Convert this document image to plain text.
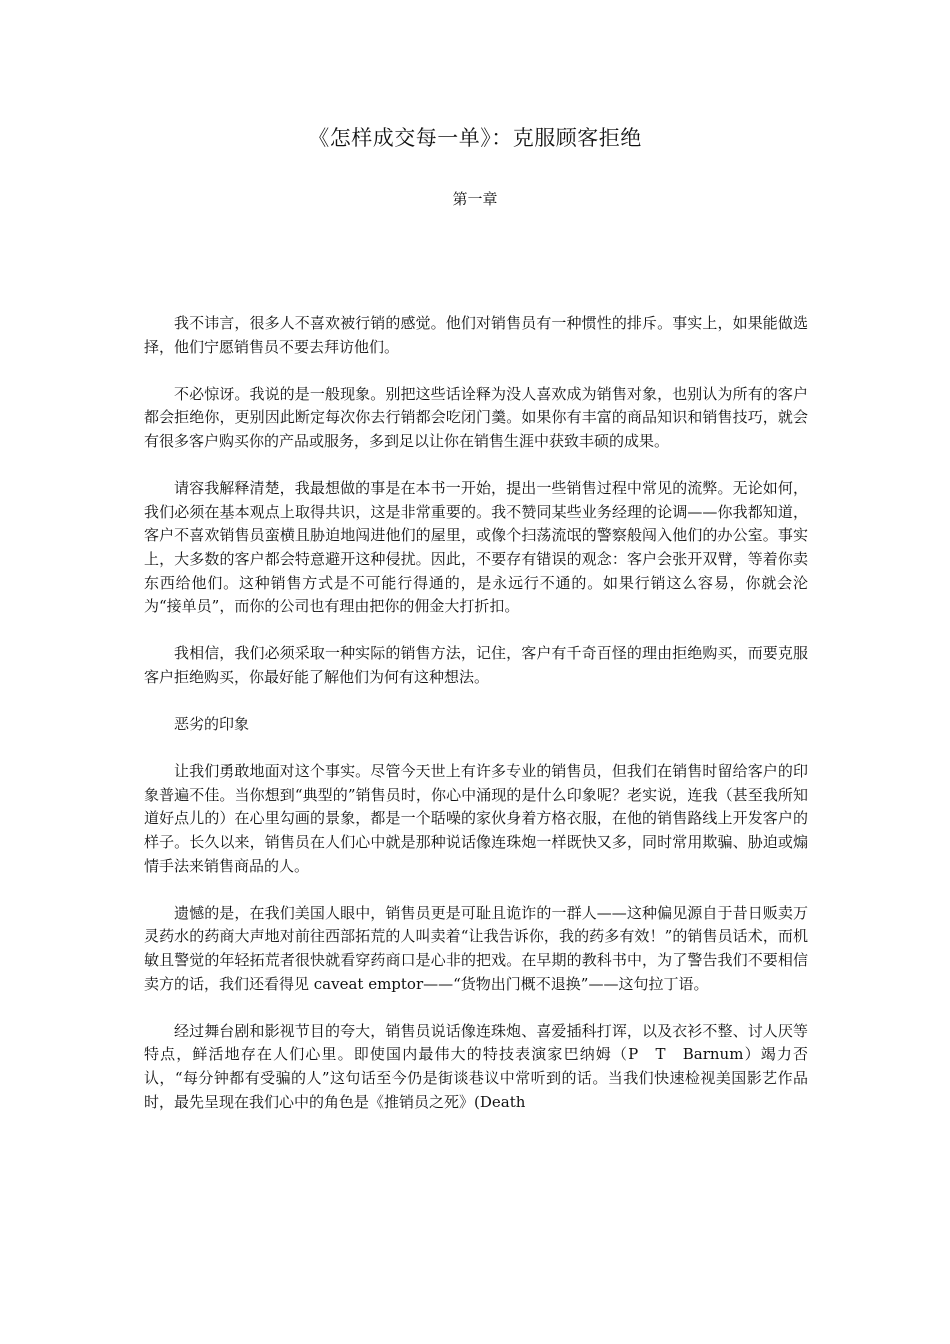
《怎样成交每一单》：克服顾客拒绝
第一章

我不讳言，很多人不喜欢被行销的感觉。他们对销售员有一种惯性的排斥。事实上，如果能做选择，他们宁愿销售员不要去拜访他们。

不必惊讶。我说的是一般现象。别把这些话诠释为没人喜欢成为销售对象，也别认为所有的客户都会拒绝你，更别因此断定每次你去行销都会吃闭门羹。如果你有丰富的商品知识和销售技巧，就会有很多客户购买你的产品或服务，多到足以让你在销售生涯中获致丰硕的成果。

请容我解释清楚，我最想做的事是在本书一开始，提出一些销售过程中常见的流弊。无论如何，我们必须在基本观点上取得共识，这是非常重要的。我不赞同某些业务经理的论调——你我都知道，客户不喜欢销售员蛮横且胁迫地闯进他们的屋里，或像个扫荡流氓的警察般闯入他们的办公室。事实上，大多数的客户都会特意避开这种侵扰。因此，不要存有错误的观念：客户会张开双臂，等着你卖东西给他们。这种销售方式是不可能行得通的，是永远行不通的。如果行销这么容易，你就会沦为“接单员”，而你的公司也有理由把你的佣金大打折扣。

我相信，我们必须采取一种实际的销售方法，记住，客户有千奇百怪的理由拒绝购买，而要克服客户拒绝购买，你最好能了解他们为何有这种想法。

恶劣的印象

让我们勇敢地面对这个事实。尽管今天世上有许多专业的销售员，但我们在销售时留给客户的印象普遍不佳。当你想到“典型的”销售员时，你心中涌现的是什么印象呢？老实说，连我（甚至我所知道好点儿的）在心里勾画的景象，都是一个聒噪的家伙身着方格衣服，在他的销售路线上开发客户的样子。长久以来，销售员在人们心中就是那种说话像连珠炮一样既快又多，同时常用欺骗、胁迫或煽情手法来销售商品的人。

遗憾的是，在我们美国人眼中，销售员更是可耻且诡诈的一群人——这种偏见源自于昔日贩卖万灵药水的药商大声地对前往西部拓荒的人叫卖着“让我告诉你，我的药多有效！”的销售员话术，而机敏且警觉的年轻拓荒者很快就看穿药商口是心非的把戏。在早期的教科书中，为了警告我们不要相信卖方的话，我们还看得见 caveat emptor——“货物出门概不退换”——这句拉丁语。

经过舞台剧和影视节目的夸大，销售员说话像连珠炮、喜爱插科打诨，以及衣衫不整、讨人厌等特点，鲜活地存在人们心里。即使国内最伟大的特技表演家巴纳姆（P　T　Barnum）竭力否认，“每分钟都有受骗的人”这句话至今仍是街谈巷议中常听到的话。当我们快速检视美国影艺作品时，最先呈现在我们心中的角色是《推销员之死》(Death
